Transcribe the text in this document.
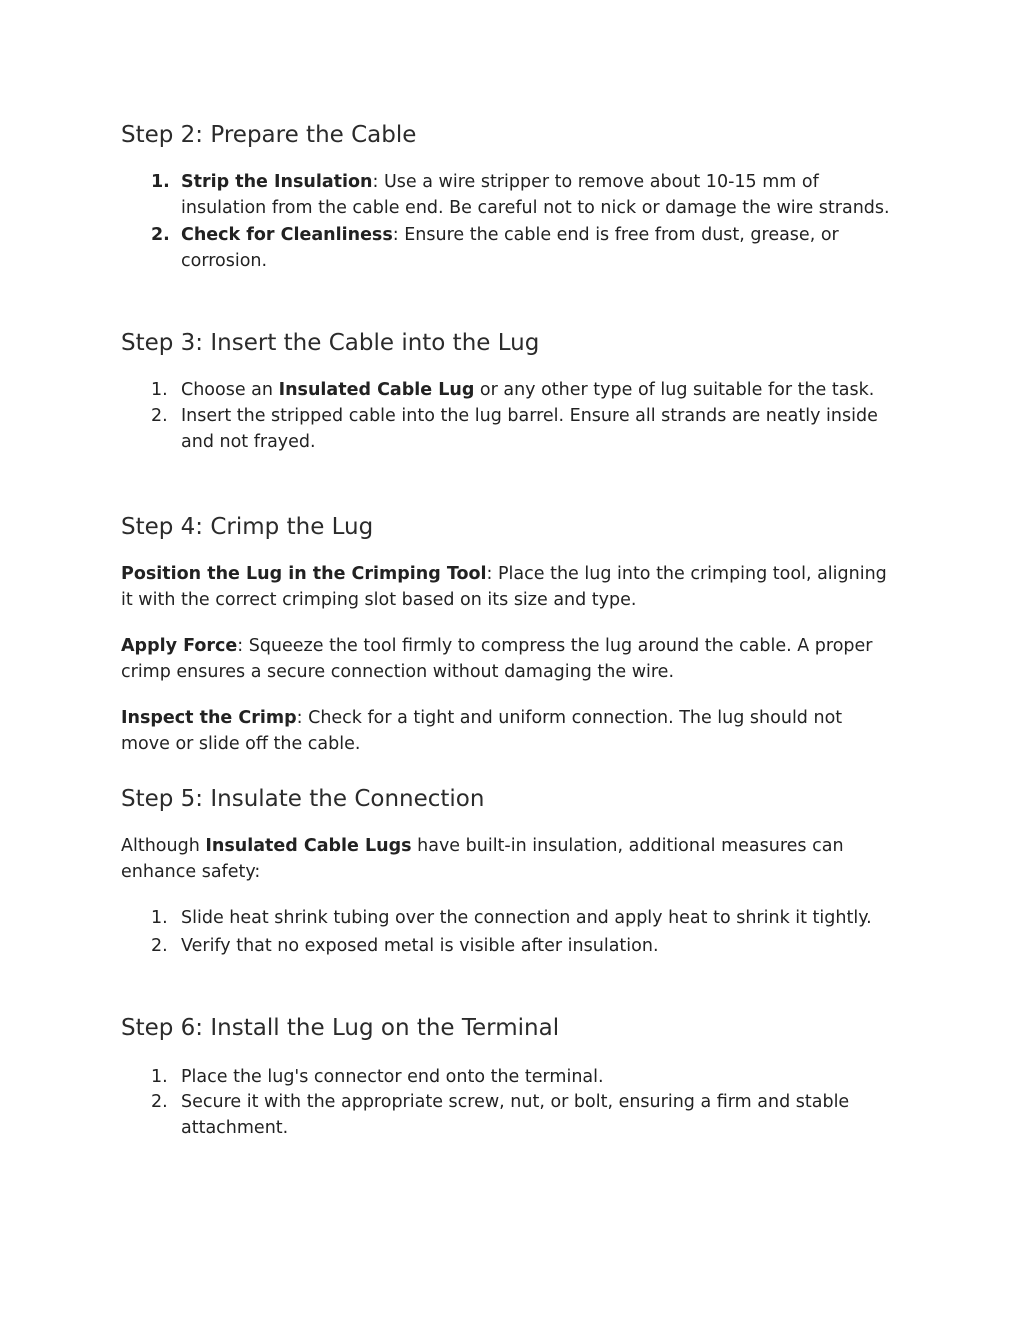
Step 2: Prepare the Cable
1. Strip the Insulation: Use a wire stripper to remove about 10-15 mm of insulation from the cable end. Be careful not to nick or damage the wire strands.
2. Check for Cleanliness: Ensure the cable end is free from dust, grease, or corrosion.
Step 3: Insert the Cable into the Lug
1. Choose an Insulated Cable Lug or any other type of lug suitable for the task.
2. Insert the stripped cable into the lug barrel. Ensure all strands are neatly inside and not frayed.
Step 4: Crimp the Lug

Position the Lug in the Crimping Tool: Place the lug into the crimping tool, aligning it with the correct crimping slot based on its size and type.

Apply Force: Squeeze the tool firmly to compress the lug around the cable. A proper crimp ensures a secure connection without damaging the wire.

Inspect the Crimp: Check for a tight and uniform connection. The lug should not move or slide off the cable.

Step 5: Insulate the Connection

Although Insulated Cable Lugs have built-in insulation, additional measures can enhance safety:

1. Slide heat shrink tubing over the connection and apply heat to shrink it tightly.
2. Verify that no exposed metal is visible after insulation.
Step 6: Install the Lug on the Terminal
1. Place the lug's connector end onto the terminal.
2. Secure it with the appropriate screw, nut, or bolt, ensuring a firm and stable attachment.
